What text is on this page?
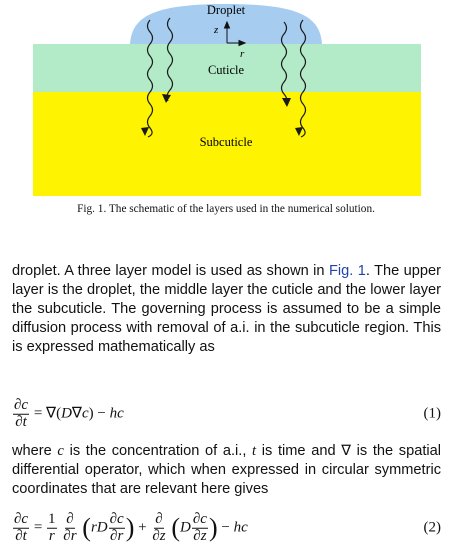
z
r
Droplet
Cuticle
Subcuticle
Fig. 1. The schematic of the layers used in the numerical solution.
droplet. A three layer model is used as shown in Fig. 1. The upper layer is the droplet, the middle layer the cuticle and the lower layer the subcuticle. The governing process is assumed to be a simple diffusion process with removal of a.i. in the subcuticle region. This is expressed mathematically as
$\frac{\partial c}{\partial t} = \nabla(D\nabla c)$ − hc	(1)
where c is the concentration of a.i., t is time and ∇ is the spatial differential operator, which when expressed in circular symmetric coordinates that are relevant here gives
$\frac{\partial c}{\partial t} = \frac{1}{r}$
$\frac{\partial}{\partial r} (rD \frac{\partial c}{\partial r}$ ) + $\frac{\partial}{\partial z} (D \frac{\partial c}{\partial z}$ ) − hc	(2)
